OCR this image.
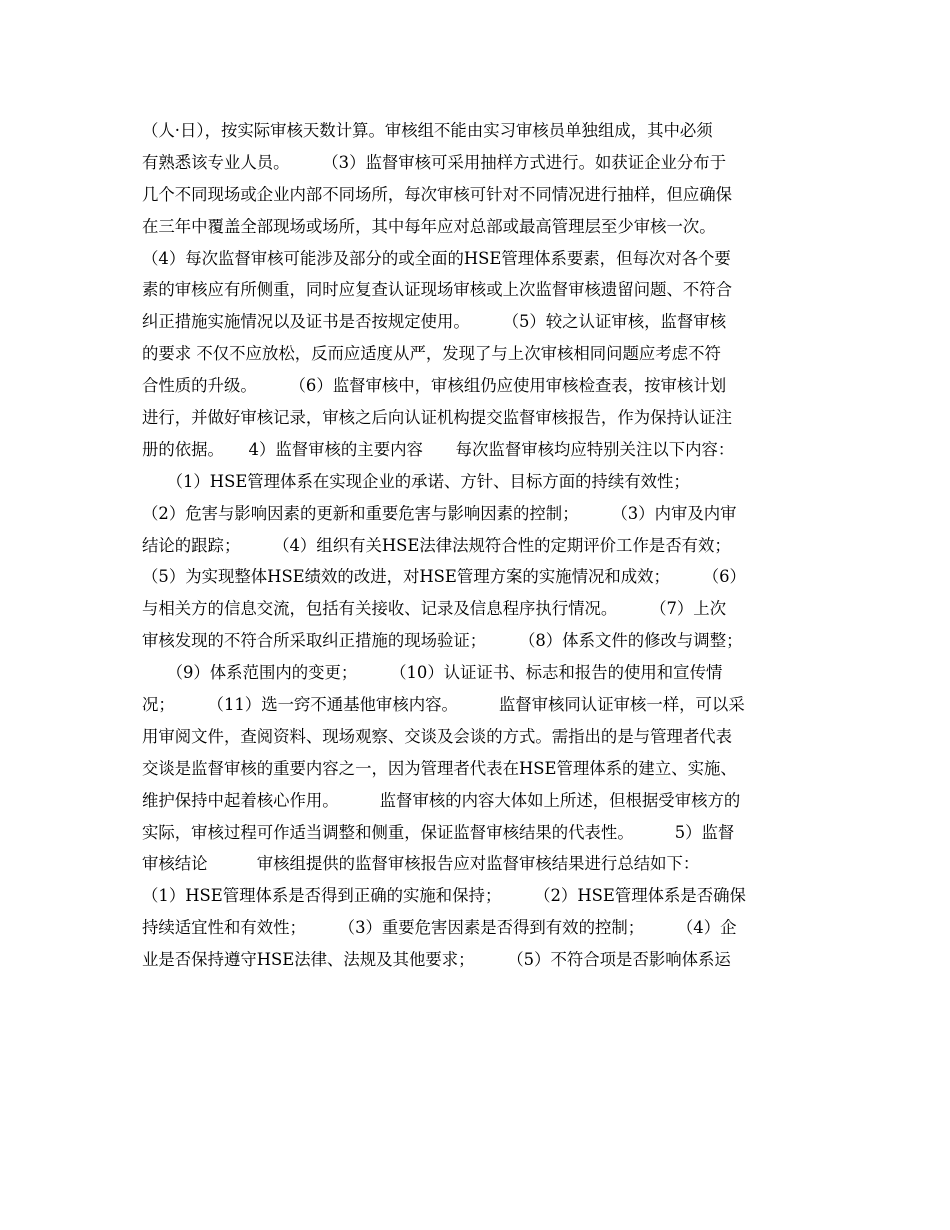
（人·日），按实际审核天数计算。审核组不能由实习审核员单独组成，其中必须
有熟悉该专业人员。　　　（3）监督审核可采用抽样方式进行。如获证企业分布于
几个不同现场或企业内部不同场所，每次审核可针对不同情况进行抽样，但应确保
在三年中覆盖全部现场或场所，其中每年应对总部或最高管理层至少审核一次。
（4）每次监督审核可能涉及部分的或全面的HSE管理体系要素，但每次对各个要
素的审核应有所侧重，同时应复查认证现场审核或上次监督审核遗留问题、不符合
纠正措施实施情况以及证书是否按规定使用。　　　（5）较之认证审核，监督审核
的要求 不仅不应放松，反而应适度从严，发现了与上次审核相同问题应考虑不符
合性质的升级。　　　（6）监督审核中，审核组仍应使用审核检查表，按审核计划
进行，并做好审核记录，审核之后向认证机构提交监督审核报告，作为保持认证注
册的依据。　　4）监督审核的主要内容　　每次监督审核均应特别关注以下内容：
　　（1）HSE管理体系在实现企业的承诺、方针、目标方面的持续有效性；
（2）危害与影响因素的更新和重要危害与影响因素的控制；　　　（3）内审及内审
结论的跟踪；　　　（4）组织有关HSE法律法规符合性的定期评价工作是否有效；
（5）为实现整体HSE绩效的改进，对HSE管理方案的实施情况和成效；　　　（6）
与相关方的信息交流，包括有关接收、记录及信息程序执行情况。　　　（7）上次
审核发现的不符合所采取纠正措施的现场验证；　　　（8）体系文件的修改与调整；
　　（9）体系范围内的变更；　　　（10）认证证书、标志和报告的使用和宣传情
况；　　　（11）选一窍不通基他审核内容。　　　监督审核同认证审核一样，可以采
用审阅文件，查阅资料、现场观察、交谈及会谈的方式。需指出的是与管理者代表
交谈是监督审核的重要内容之一，因为管理者代表在HSE管理体系的建立、实施、
维护保持中起着核心作用。　　　监督审核的内容大体如上所述，但根据受审核方的
实际，审核过程可作适当调整和侧重，保证监督审核结果的代表性。　　　5）监督
审核结论　　　审核组提供的监督审核报告应对监督审核结果进行总结如下：
（1）HSE管理体系是否得到正确的实施和保持；　　　（2）HSE管理体系是否确保
持续适宜性和有效性；　　　（3）重要危害因素是否得到有效的控制；　　　（4）企
业是否保持遵守HSE法律、法规及其他要求；　　　（5）不符合项是否影响体系运
